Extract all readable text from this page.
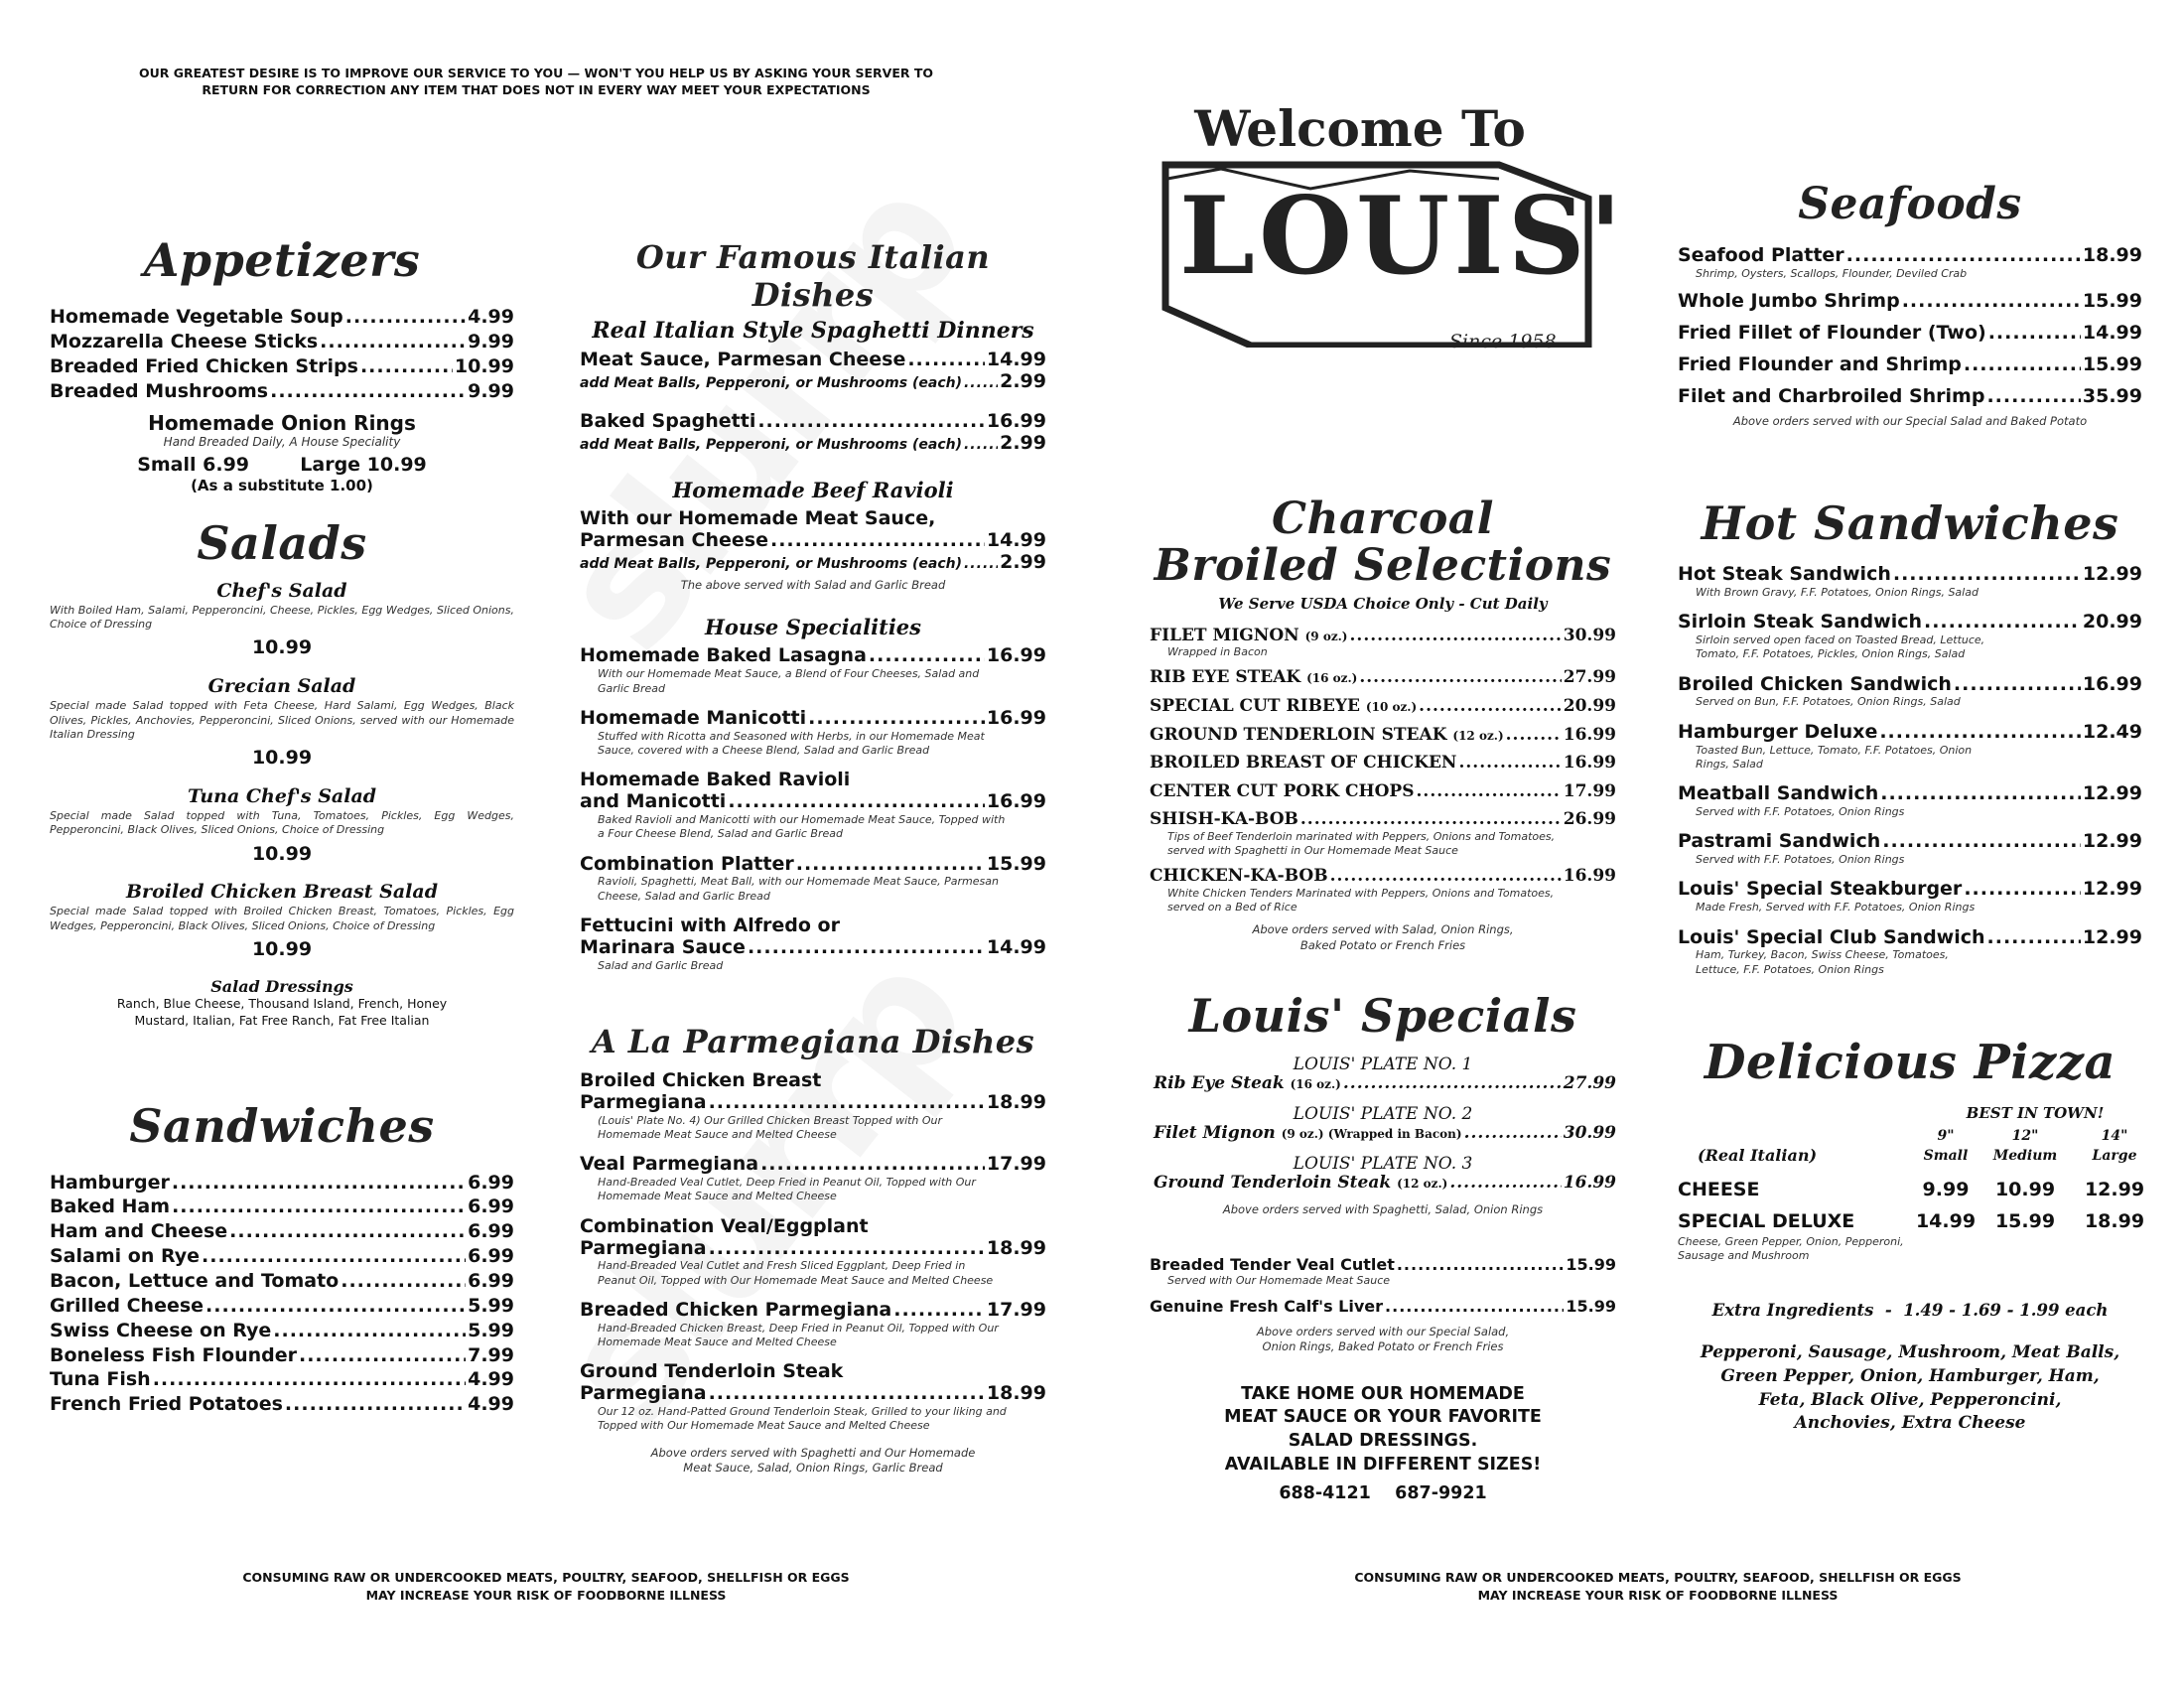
OUR GREATEST DESIRE IS TO IMPROVE OUR SERVICE TO YOU — WON'T YOU HELP US BY ASKING YOUR SERVER TO
RETURN FOR CORRECTION ANY ITEM THAT DOES NOT IN EVERY WAY MEET YOUR EXPECTATIONS
Appetizers
Homemade Vegetable Soup .....	4.99
Mozzarella Cheese Sticks .....	9.99
Breaded Fried Chicken Strips .....	10.99
Breaded Mushrooms .....	9.99
Homemade Onion Rings
Hand Breaded Daily, A House Speciality
Small 6.99	Large 10.99
(As a substitute 1.00)
Salads
Chef's Salad
With Boiled Ham, Salami, Pepperoncini, Cheese, Pickles, Egg Wedges, Sliced Onions, Choice of Dressing
10.99
Grecian Salad
Special made Salad topped with Feta Cheese, Hard Salami, Egg Wedges, Black Olives, Pickles, Anchovies, Pepperoncini, Sliced Onions, served with our Homemade Italian Dressing
10.99
Tuna Chef's Salad
Special made Salad topped with Tuna, Tomatoes, Pickles, Egg Wedges, Pepperoncini, Black Olives, Sliced Onions, Choice of Dressing
10.99
Broiled Chicken Breast Salad
Special made Salad topped with Broiled Chicken Breast, Tomatoes, Pickles, Egg Wedges, Pepperoncini, Black Olives, Sliced Onions, Choice of Dressing
10.99
Salad Dressings
Ranch, Blue Cheese, Thousand Island, French, Honey Mustard, Italian, Fat Free Ranch, Fat Free Italian
Sandwiches
Hamburger .....	6.99
Baked Ham .....	6.99
Ham and Cheese .....	6.99
Salami on Rye .....	6.99
Bacon, Lettuce and Tomato .....	6.99
Grilled Cheese .....	5.99
Swiss Cheese on Rye .....	5.99
Boneless Fish Flounder .....	7.99
Tuna Fish .....	4.99
French Fried Potatoes .....	4.99
Our Famous Italian Dishes
Real Italian Style Spaghetti Dinners
Meat Sauce, Parmesan Cheese .....	14.99
add Meat Balls, Pepperoni, or Mushrooms (each) ..... 2.99
Baked Spaghetti .....	16.99
add Meat Balls, Pepperoni, or Mushrooms (each) ..... 2.99
Homemade Beef Ravioli
With our Homemade Meat Sauce,
Parmesan Cheese .....	14.99
add Meat Balls, Pepperoni, or Mushrooms (each) ..... 2.99
The above served with Salad and Garlic Bread
House Specialities
Homemade Baked Lasagna .....	16.99
With our Homemade Meat Sauce, a Blend of Four Cheeses, Salad and Garlic Bread
Homemade Manicotti .....	16.99
Stuffed with Ricotta and Seasoned with Herbs, in our Homemade Meat Sauce, covered with a Cheese Blend, Salad and Garlic Bread
Homemade Baked Ravioli
and Manicotti .....	16.99
Baked Ravioli and Manicotti with our Homemade Meat Sauce, Topped with a Four Cheese Blend, Salad and Garlic Bread
Combination Platter .....	15.99
Ravioli, Spaghetti, Meat Ball, with our Homemade Meat Sauce, Parmesan Cheese, Salad and Garlic Bread
Fettucini with Alfredo or
Marinara Sauce .....	14.99
Salad and Garlic Bread
A La Parmegiana Dishes
Broiled Chicken Breast
Parmegiana .....	18.99
(Louis' Plate No. 4) Our Grilled Chicken Breast Topped with Our Homemade Meat Sauce and Melted Cheese
Veal Parmegiana .....	17.99
Hand-Breaded Veal Cutlet, Deep Fried in Peanut Oil, Topped with Our Homemade Meat Sauce and Melted Cheese
Combination Veal/Eggplant
Parmegiana .....	18.99
Hand-Breaded Veal Cutlet and Fresh Sliced Eggplant, Deep Fried in Peanut Oil, Topped with Our Homemade Meat Sauce and Melted Cheese
Breaded Chicken Parmegiana .....	17.99
Hand-Breaded Chicken Breast, Deep Fried in Peanut Oil, Topped with Our Homemade Meat Sauce and Melted Cheese
Ground Tenderloin Steak
Parmegiana .....	18.99
Our 12 oz. Hand-Patted Ground Tenderloin Steak, Grilled to your liking and Topped with Our Homemade Meat Sauce and Melted Cheese
Above orders served with Spaghetti and Our Homemade Meat Sauce, Salad, Onion Rings, Garlic Bread
Welcome To
LOUIS'
Since 1958
Charcoal
Broiled Selections
We Serve USDA Choice Only - Cut Daily
FILET MIGNON (9 oz.) .....	30.99
Wrapped in Bacon
RIB EYE STEAK (16 oz.) .....	27.99
SPECIAL CUT RIBEYE (10 oz.) .....	20.99
GROUND TENDERLOIN STEAK (12 oz.) .....	16.99
BROILED BREAST OF CHICKEN .....	16.99
CENTER CUT PORK CHOPS .....	17.99
SHISH-KA-BOB .....	26.99
Tips of Beef Tenderloin marinated with Peppers, Onions and Tomatoes, served with Spaghetti in Our Homemade Meat Sauce
CHICKEN-KA-BOB .....	16.99
White Chicken Tenders Marinated with Peppers, Onions and Tomatoes, served on a Bed of Rice
Above orders served with Salad, Onion Rings, Baked Potato or French Fries
Louis' Specials
LOUIS' PLATE NO. 1
Rib Eye Steak (16 oz.) .....	27.99
LOUIS' PLATE NO. 2
Filet Mignon (9 oz.) (Wrapped in Bacon) .....	30.99
LOUIS' PLATE NO. 3
Ground Tenderloin Steak (12 oz.) .....	16.99
Above orders served with Spaghetti, Salad, Onion Rings
Breaded Tender Veal Cutlet .....	15.99
Served with Our Homemade Meat Sauce
Genuine Fresh Calf's Liver .....	15.99
Above orders served with our Special Salad, Onion Rings, Baked Potato or French Fries
TAKE HOME OUR HOMEMADE
MEAT SAUCE OR YOUR FAVORITE
SALAD DRESSINGS.
AVAILABLE IN DIFFERENT SIZES!
688-4121    687-9921
Seafoods
Seafood Platter .....	18.99
Shrimp, Oysters, Scallops, Flounder, Deviled Crab
Whole Jumbo Shrimp .....	15.99
Fried Fillet of Flounder (Two) .....	14.99
Fried Flounder and Shrimp .....	15.99
Filet and Charbroiled Shrimp .....	35.99
Above orders served with our Special Salad and Baked Potato
Hot Sandwiches
Hot Steak Sandwich .....	12.99
With Brown Gravy, F.F. Potatoes, Onion Rings, Salad
Sirloin Steak Sandwich .....	20.99
Sirloin served open faced on Toasted Bread, Lettuce, Tomato, F.F. Potatoes, Pickles, Onion Rings, Salad
Broiled Chicken Sandwich .....	16.99
Served on Bun, F.F. Potatoes, Onion Rings, Salad
Hamburger Deluxe .....	12.49
Toasted Bun, Lettuce, Tomato, F.F. Potatoes, Onion Rings, Salad
Meatball Sandwich .....	12.99
Served with F.F. Potatoes, Onion Rings
Pastrami Sandwich .....	12.99
Served with F.F. Potatoes, Onion Rings
Louis' Special Steakburger .....	12.99
Made Fresh, Served with F.F. Potatoes, Onion Rings
Louis' Special Club Sandwich .....	12.99
Ham, Turkey, Bacon, Swiss Cheese, Tomatoes, Lettuce, F.F. Potatoes, Onion Rings
Delicious Pizza
BEST IN TOWN!
(Real Italian)
9"
Small
12"
Medium
14"
Large
CHEESE	9.99	10.99	12.99
SPECIAL DELUXE	14.99	15.99	18.99
Cheese, Green Pepper, Onion, Pepperoni, Sausage and Mushroom
Extra Ingredients  -  1.49 - 1.69 - 1.99 each
Pepperoni, Sausage, Mushroom, Meat Balls,
Green Pepper, Onion, Hamburger, Ham,
Feta, Black Olive, Pepperoncini,
Anchovies, Extra Cheese
CONSUMING RAW OR UNDERCOOKED MEATS, POULTRY, SEAFOOD, SHELLFISH OR EGGS
MAY INCREASE YOUR RISK OF FOODBORNE ILLNESS
CONSUMING RAW OR UNDERCOOKED MEATS, POULTRY, SEAFOOD, SHELLFISH OR EGGS
MAY INCREASE YOUR RISK OF FOODBORNE ILLNESS
